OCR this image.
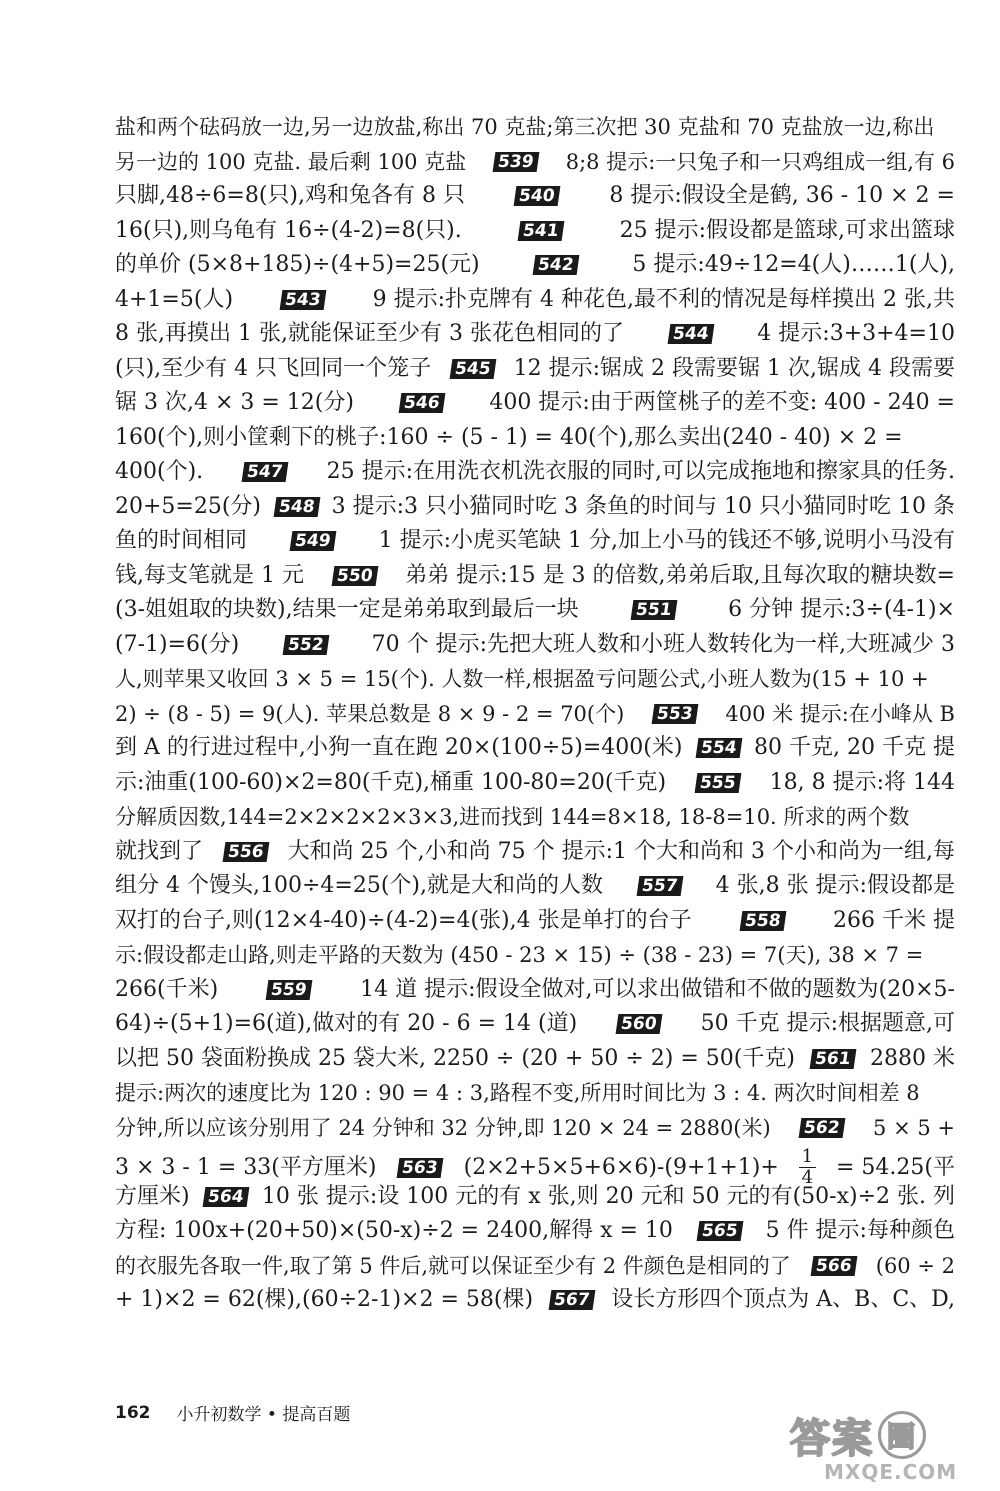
盐和两个砝码放一边,另一边放盐,称出 70 克盐;第三次把 30 克盐和 70 克盐放一边,称出
另一边的 100 克盐. 最后剩 100 克盐 539 8;8 提示:一只兔子和一只鸡组成一组,有 6
只脚,48÷6=8(只),鸡和兔各有 8 只	540 8 提示:假设全是鹤, 36 - 10 × 2 =
16(只),则乌龟有 16÷(4-2)=8(只).	541	25 提示:假设都是篮球,可求出篮球
的单价 (5×8+185)÷(4+5)=25(元)	542	5 提示:49÷12=4(人)……1(人),
4+1=5(人)	543 9 提示:扑克牌有 4 种花色,最不利的情况是每样摸出 2 张,共
8 张,再摸出 1 张,就能保证至少有 3 张花色相同的了	544 4 提示:3+3+4=10
(只),至少有 4 只飞回同一个笼子 545 12 提示:锯成 2 段需要锯 1 次,锯成 4 段需要
锯 3 次,4 × 3 = 12(分)	546 400 提示:由于两筐桃子的差不变: 400 - 240 =
160(个),则小筐剩下的桃子:160 ÷ (5 - 1) = 40(个),那么卖出(240 - 40) × 2 =
400(个).	547 25 提示:在用洗衣机洗衣服的同时,可以完成拖地和擦家具的任务.
20+5=25(分) 548 3 提示:3 只小猫同时吃 3 条鱼的时间与 10 只小猫同时吃 10 条
鱼的时间相同	549 1 提示:小虎买笔缺 1 分,加上小马的钱还不够,说明小马没有
钱,每支笔就是 1 元 550 弟弟 提示:15 是 3 的倍数,弟弟后取,且每次取的糖块数=
(3-姐姐取的块数),结果一定是弟弟取到最后一块	551	6 分钟 提示:3÷(4-1)×
(7-1)=6(分)	552 70 个 提示:先把大班人数和小班人数转化为一样,大班减少 3
人,则苹果又收回 3 × 5 = 15(个). 人数一样,根据盈亏问题公式,小班人数为(15 + 10 +
2) ÷ (8 - 5) = 9(人). 苹果总数是 8 × 9 - 2 = 70(个) 553 400 米 提示:在小峰从 B
到 A 的行进过程中,小狗一直在跑 20×(100÷5)=400(米) 554 80 千克, 20 千克 提
示:油重(100-60)×2=80(千克),桶重 100-80=20(千克) 555 18, 8 提示:将 144
分解质因数,144=2×2×2×2×3×3,进而找到 144=8×18, 18-8=10. 所求的两个数
就找到了 556 大和尚 25 个,小和尚 75 个 提示:1 个大和尚和 3 个小和尚为一组,每
组分 4 个馒头,100÷4=25(个),就是大和尚的人数 557 4 张,8 张 提示:假设都是
双打的台子,则(12×4-40)÷(4-2)=4(张),4 张是单打的台子	558 266 千米 提
示:假设都走山路,则走平路的天数为 (450 - 23 × 15) ÷ (38 - 23) = 7(天), 38 × 7 =
266(千米)	559 14 道 提示:假设全做对,可以求出做错和不做的题数为(20×5-
64)÷(5+1)=6(道),做对的有 20 - 6 = 14 (道)	560 50 千克 提示:根据题意,可
以把 50 袋面粉换成 25 袋大米, 2250 ÷ (20 + 50 ÷ 2) = 50(千克) 561 2880 米
提示:两次的速度比为 120 : 90 = 4 : 3,路程不变,所用时间比为 3 : 4. 两次时间相差 8
分钟,所以应该分别用了 24 分钟和 32 分钟,即 120 × 24 = 2880(米) 562 5 × 5 +
3 × 3 - 1 = 33(平方厘米) 563 $(2\times 2+5\times 5+6\times 6)-(9+1+1)+ \frac{1}{4} = 54.25$(平
方厘米) 564 10 张 提示:设 100 元的有 x 张,则 20 元和 50 元的有(50-x)÷2 张. 列
方程: 100x+(20+50)×(50-x)÷2 = 2400,解得 x = 10 565 5 件 提示:每种颜色
的衣服先各取一件,取了第 5 件后,就可以保证至少有 2 件颜色是相同的了 566 (60 ÷ 2
+ 1)×2 = 62(棵),(60÷2-1)×2 = 58(棵) 567 设长方形四个顶点为 A、B、C、D,
162 小升初数学 • 提高百题
答案 圈
MXQE.COM
